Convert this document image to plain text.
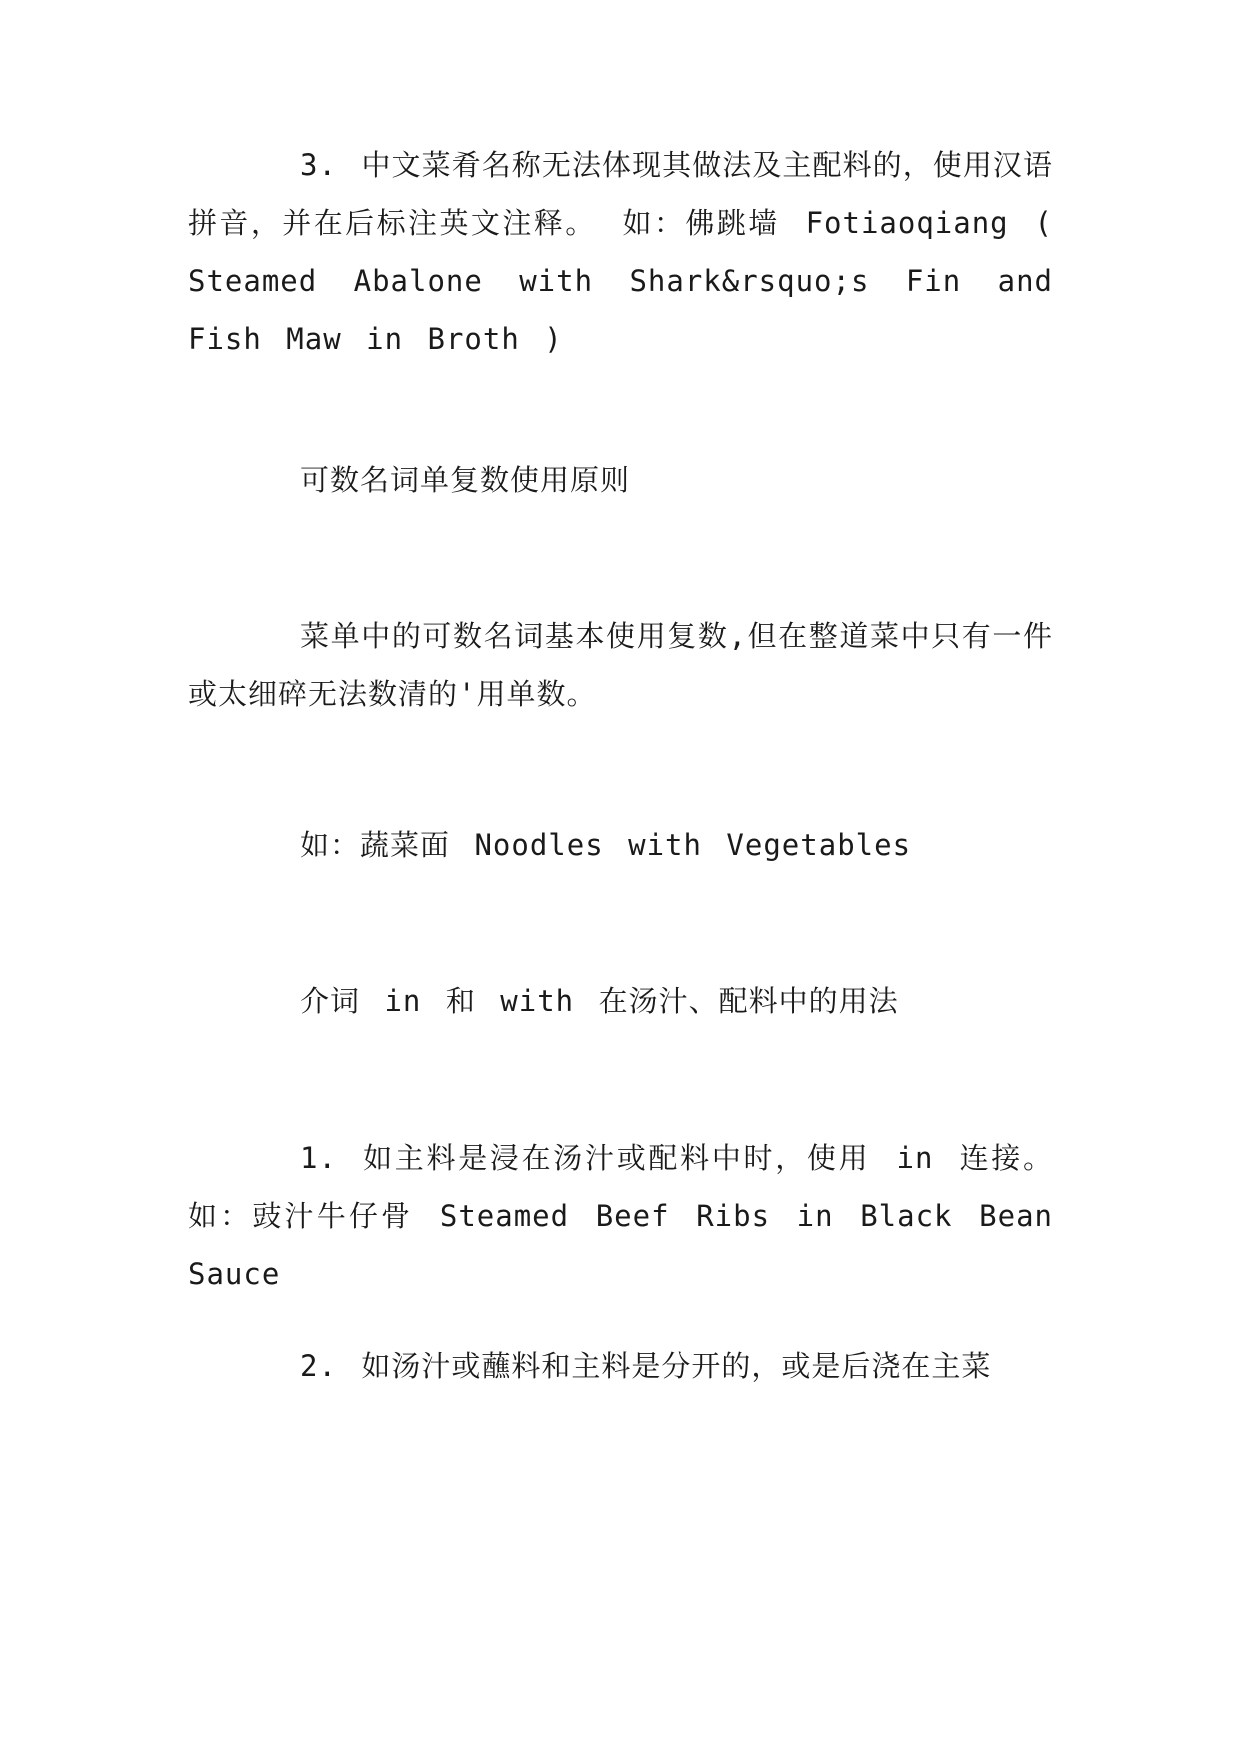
3. 中文菜肴名称无法体现其做法及主配料的，使用汉语拼音，并在后标注英文注释。 如：佛跳墙 Fotiaoqiang ( Steamed Abalone with Shark&rsquo;s Fin and Fish Maw in Broth )
可数名词单复数使用原则
菜单中的可数名词基本使用复数,但在整道菜中只有一件或太细碎无法数清的'用单数。
如：蔬菜面 Noodles with Vegetables
介词 in 和 with 在汤汁、配料中的用法
1. 如主料是浸在汤汁或配料中时，使用 in 连接。如：豉汁牛仔骨 Steamed Beef Ribs in Black Bean Sauce
2. 如汤汁或蘸料和主料是分开的，或是后浇在主菜
